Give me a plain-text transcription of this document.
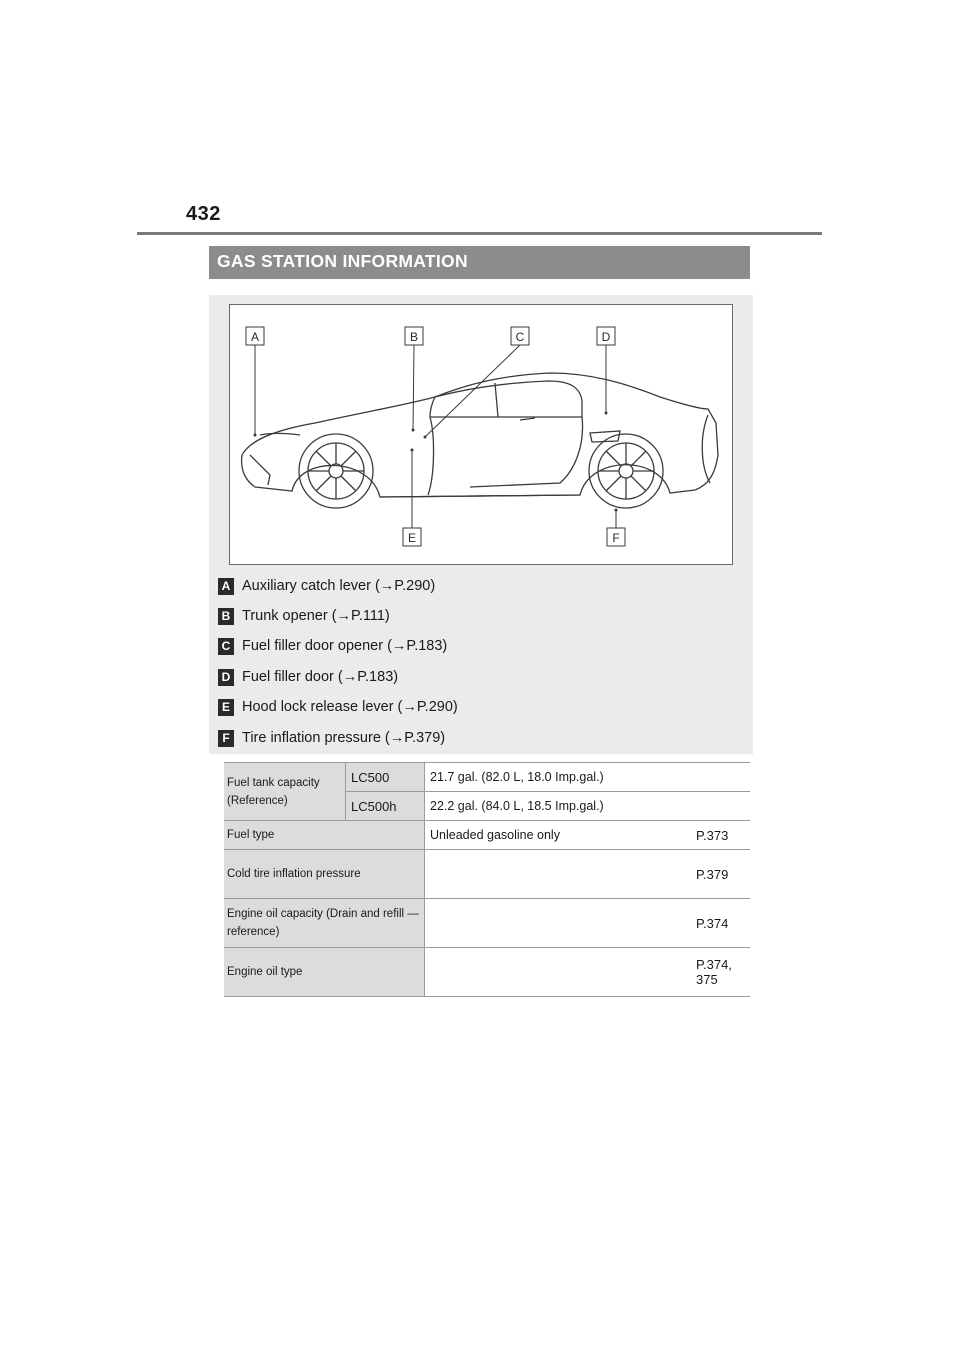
432
GAS STATION INFORMATION
A	B	C	D
E	F
A Auxiliary catch lever (→P.290)
B Trunk opener (→P.111)
C Fuel filler door opener (→P.183)
D Fuel filler door (→P.183)
E Hood lock release lever (→P.290)
F Tire inflation pressure (→P.379)
Fuel tank capacity (Reference)	LC500	21.7 gal. (82.0 L, 18.0 Imp.gal.)	
	LC500h	22.2 gal. (84.0 L, 18.5 Imp.gal.)	
Fuel type		Unleaded gasoline only	P.373
Cold tire inflation pressure			P.379
Engine oil capacity (Drain and refill — reference)			P.374
Engine oil type			P.374, 375
